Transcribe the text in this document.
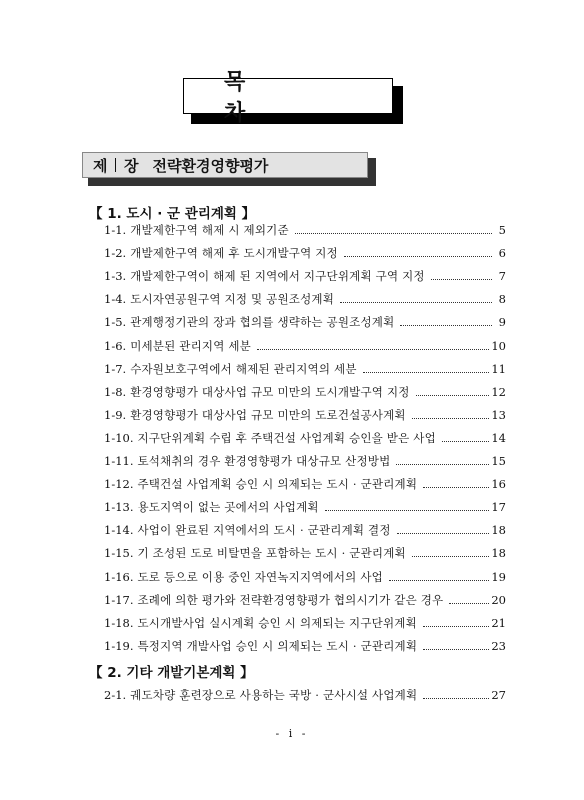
목 차
제 장 전략환경영향평가
【 1. 도시 · 군 관리계획 】
1-1. 개발제한구역 해제 시 제외기준	5
1-2. 개발제한구역 해제 후 도시개발구역 지정	6
1-3. 개발제한구역이 해제 된 지역에서 지구단위계획 구역 지정	7
1-4. 도시자연공원구역 지정 및 공원조성계획	8
1-5. 관계행정기관의 장과 협의를 생략하는 공원조성계획	9
1-6. 미세분된 관리지역 세분	10
1-7. 수자원보호구역에서 해제된 관리지역의 세분	11
1-8. 환경영향평가 대상사업 규모 미만의 도시개발구역 지정	12
1-9. 환경영향평가 대상사업 규모 미만의 도로건설공사계획	13
1-10. 지구단위계획 수립 후 주택건설 사업계획 승인을 받은 사업	14
1-11. 토석채취의 경우 환경영향평가 대상규모 산정방법	15
1-12. 주택건설 사업계획 승인 시 의제되는 도시 · 군관리계획	16
1-13. 용도지역이 없는 곳에서의 사업계획	17
1-14. 사업이 완료된 지역에서의 도시 · 군관리계획 결정	18
1-15. 기 조성된 도로 비탈면을 포함하는 도시 · 군관리계획	18
1-16. 도로 등으로 이용 중인 자연녹지지역에서의 사업	19
1-17. 조례에 의한 평가와 전략환경영향평가 협의시기가 같은 경우	20
1-18. 도시개발사업 실시계획 승인 시 의제되는 지구단위계획	21
1-19. 특정지역 개발사업 승인 시 의제되는 도시 · 군관리계획	23
【 2. 기타 개발기본계획 】
2-1. 궤도차량 훈련장으로 사용하는 국방 · 군사시설 사업계획	27
- i -
